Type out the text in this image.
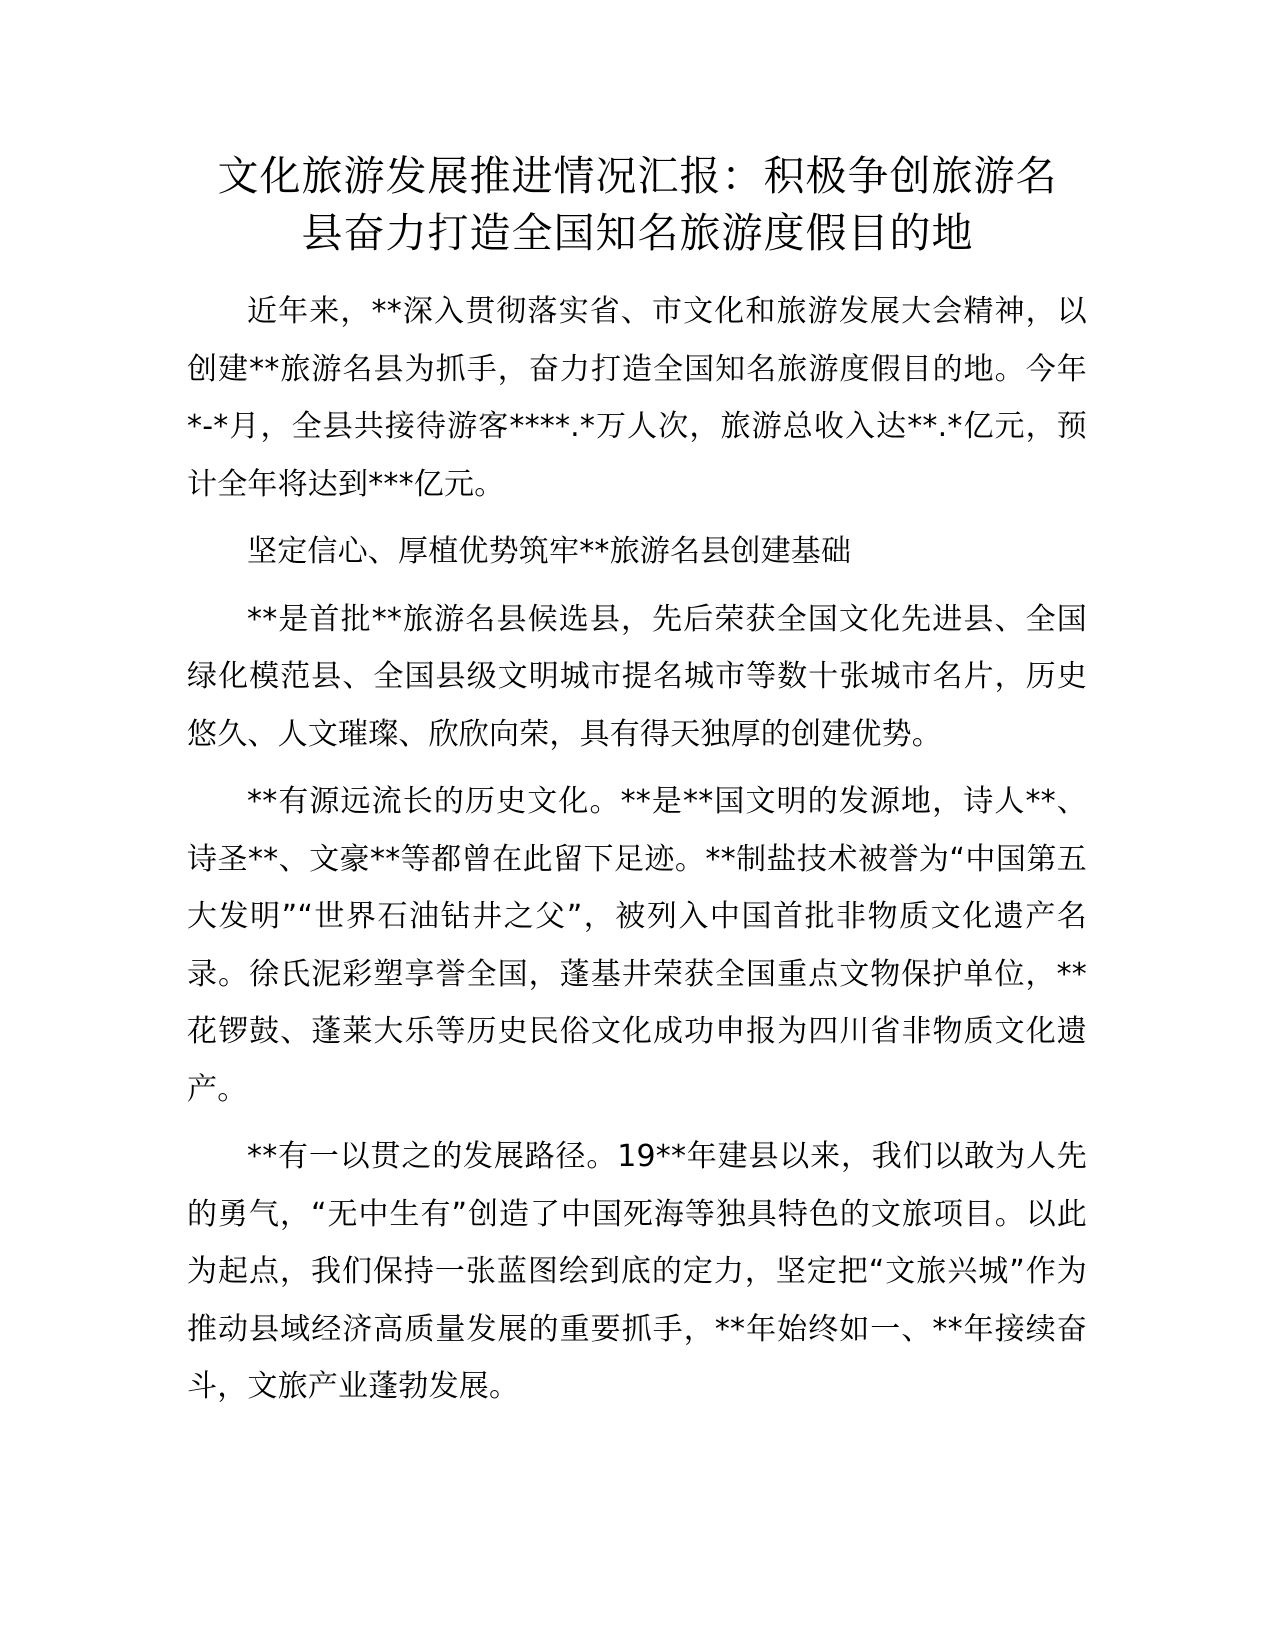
文化旅游发展推进情况汇报：积极争创旅游名
县奋力打造全国知名旅游度假目的地

近年来，**深入贯彻落实省、市文化和旅游发展大会精神，以创建**旅游名县为抓手，奋力打造全国知名旅游度假目的地。今年*-*月，全县共接待游客****.*万人次，旅游总收入达**.*亿元，预计全年将达到***亿元。

坚定信心、厚植优势筑牢**旅游名县创建基础

**是首批**旅游名县候选县，先后荣获全国文化先进县、全国绿化模范县、全国县级文明城市提名城市等数十张城市名片，历史悠久、人文璀璨、欣欣向荣，具有得天独厚的创建优势。

**有源远流长的历史文化。**是**国文明的发源地，诗人**、诗圣**、文豪**等都曾在此留下足迹。**制盐技术被誉为“中国第五大发明”“世界石油钻井之父”，被列入中国首批非物质文化遗产名录。徐氏泥彩塑享誉全国，蓬基井荣获全国重点文物保护单位，**花锣鼓、蓬莱大乐等历史民俗文化成功申报为四川省非物质文化遗产。

**有一以贯之的发展路径。19**年建县以来，我们以敢为人先的勇气，“无中生有”创造了中国死海等独具特色的文旅项目。以此为起点，我们保持一张蓝图绘到底的定力，坚定把“文旅兴城”作为推动县域经济高质量发展的重要抓手，**年始终如一、**年接续奋斗，文旅产业蓬勃发展。
